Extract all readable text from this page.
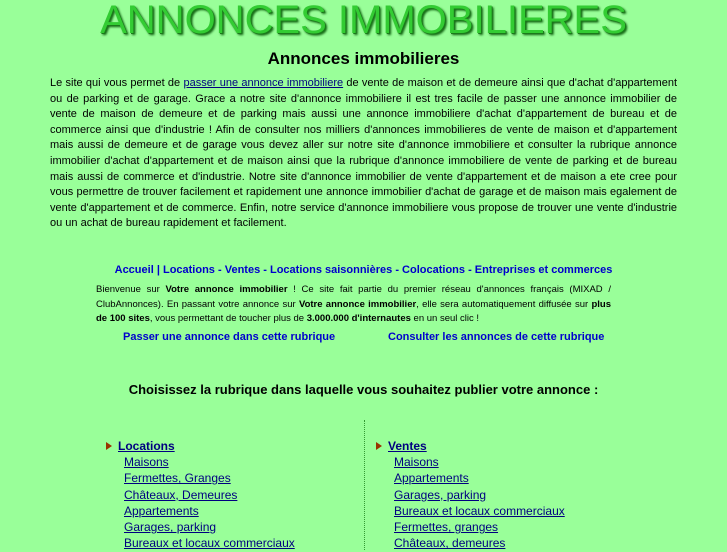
ANNONCES IMMOBILIERES
Annonces immobilieres
Le site qui vous permet de passer une annonce immobiliere de vente de maison et de demeure ainsi que d'achat d'appartement ou de parking et de garage. Grace a notre site d'annonce immobiliere il est tres facile de passer une annonce immobilier de vente de maison de demeure et de parking mais aussi une annonce immobiliere d'achat d'appartement de bureau et de commerce ainsi que d'industrie ! Afin de consulter nos milliers d'annonces immobilieres de vente de maison et d'appartement mais aussi de demeure et de garage vous devez aller sur notre site d'annonce immobiliere et consulter la rubrique annonce immobilier d'achat d'appartement et de maison ainsi que la rubrique d'annonce immobiliere de vente de parking et de bureau mais aussi de commerce et d'industrie. Notre site d'annonce immobilier de vente d'appartement et de maison a ete cree pour vous permettre de trouver facilement et rapidement une annonce immobilier d'achat de garage et de maison mais egalement de vente d'appartement et de commerce. Enfin, notre service d'annonce immobiliere vous propose de trouver une vente d'industrie ou un achat de bureau rapidement et facilement.
Accueil | Locations - Ventes - Locations saisonnières - Colocations - Entreprises et commerces
Bienvenue sur Votre annonce immobilier ! Ce site fait partie du premier réseau d'annonces français (MIXAD / ClubAnnonces). En passant votre annonce sur Votre annonce immobilier, elle sera automatiquement diffusée sur plus de 100 sites, vous permettant de toucher plus de 3.000.000 d'internautes en un seul clic !
Passer une annonce dans cette rubrique	Consulter les annonces de cette rubrique
Choisissez la rubrique dans laquelle vous souhaitez publier votre annonce :
Locations
Maisons
Fermettes, Granges
Châteaux, Demeures
Appartements
Garages, parking
Bureaux et locaux commerciaux
Ventes
Maisons
Appartements
Garages, parking
Bureaux et locaux commerciaux
Fermettes, granges
Châteaux, demeures
